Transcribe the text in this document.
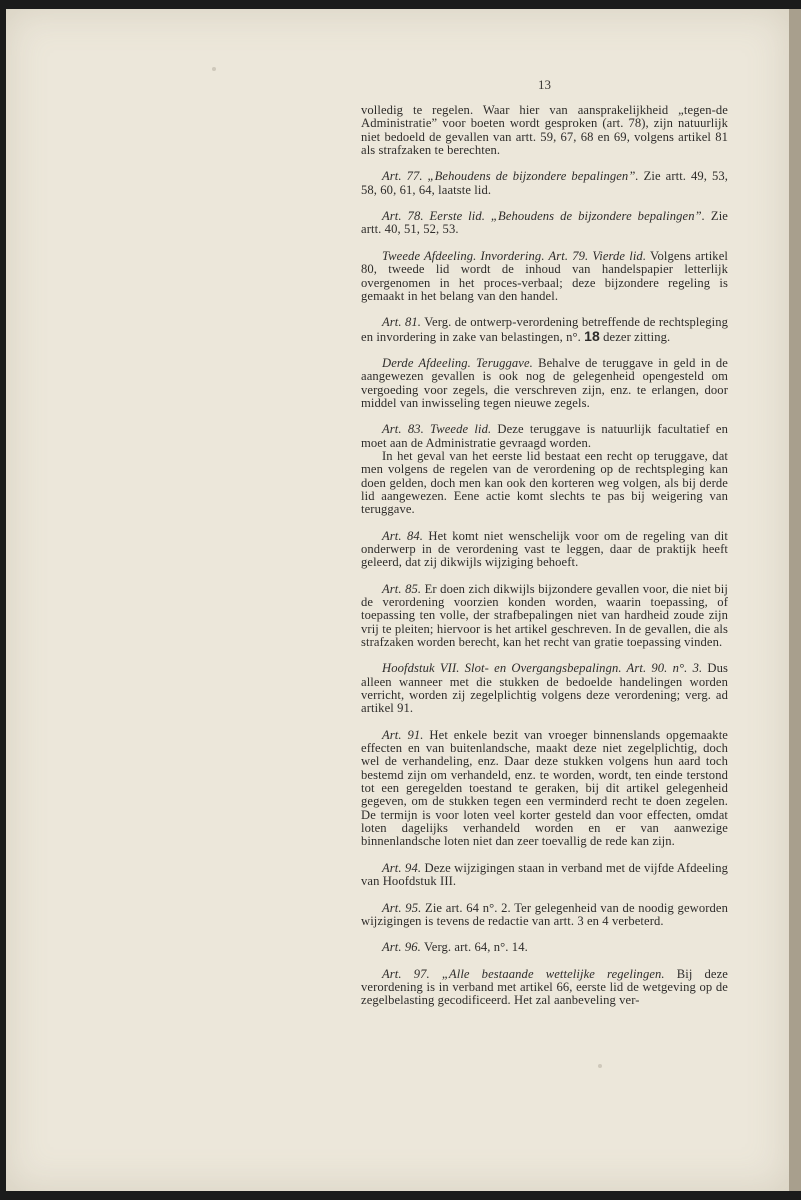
13

volledig te regelen. Waar hier van aansprakelijkheid „tegen-de Administratie” voor boeten wordt gesproken (art. 78), zijn natuurlijk niet bedoeld de gevallen van artt. 59, 67, 68 en 69, volgens artikel 81 als strafzaken te berechten.

Art. 77. „Behoudens de bijzondere bepalingen”. Zie artt. 49, 53, 58, 60, 61, 64, laatste lid.

Art. 78. Eerste lid. „Behoudens de bijzondere bepalingen”. Zie artt. 40, 51, 52, 53.

Tweede Afdeeling. Invordering. Art. 79. Vierde lid. Volgens artikel 80, tweede lid wordt de inhoud van handelspapier letterlijk overgenomen in het proces-verbaal; deze bijzondere regeling is gemaakt in het belang van den handel.

Art. 81. Verg. de ontwerp-verordening betreffende de rechtspleging en invordering in zake van belastingen, n°. 18 dezer zitting.

Derde Afdeeling. Teruggave. Behalve de teruggave in geld in de aangewezen gevallen is ook nog de gelegenheid opengesteld om vergoeding voor zegels, die verschreven zijn, enz. te erlangen, door middel van inwisseling tegen nieuwe zegels.

Art. 83. Tweede lid. Deze teruggave is natuurlijk facultatief en moet aan de Administratie gevraagd worden.

In het geval van het eerste lid bestaat een recht op teruggave, dat men volgens de regelen van de verordening op de rechtspleging kan doen gelden, doch men kan ook den korteren weg volgen, als bij derde lid aangewezen. Eene actie komt slechts te pas bij weigering van teruggave.

Art. 84. Het komt niet wenschelijk voor om de regeling van dit onderwerp in de verordening vast te leggen, daar de praktijk heeft geleerd, dat zij dikwijls wijziging behoeft.

Art. 85. Er doen zich dikwijls bijzondere gevallen voor, die niet bij de verordening voorzien konden worden, waarin toepassing, of toepassing ten volle, der strafbepalingen niet van hardheid zoude zijn vrij te pleiten; hiervoor is het artikel geschreven. In de gevallen, die als strafzaken worden berecht, kan het recht van gratie toepassing vinden.

Hoofdstuk VII. Slot- en Overgangsbepalingn. Art. 90. n°. 3. Dus alleen wanneer met die stukken de bedoelde handelingen worden verricht, worden zij zegelplichtig volgens deze verordening; verg. ad artikel 91.

Art. 91. Het enkele bezit van vroeger binnenslands opgemaakte effecten en van buitenlandsche, maakt deze niet zegelplichtig, doch wel de verhandeling, enz. Daar deze stukken volgens hun aard toch bestemd zijn om verhandeld, enz. te worden, wordt, ten einde terstond tot een geregelden toestand te geraken, bij dit artikel gelegenheid gegeven, om de stukken tegen een verminderd recht te doen zegelen. De termijn is voor loten veel korter gesteld dan voor effecten, omdat loten dagelijks verhandeld worden en er van aanwezige binnenlandsche loten niet dan zeer toevallig de rede kan zijn.

Art. 94. Deze wijzigingen staan in verband met de vijfde Afdeeling van Hoofdstuk III.

Art. 95. Zie art. 64 n°. 2. Ter gelegenheid van de noodig geworden wijzigingen is tevens de redactie van artt. 3 en 4 verbeterd.

Art. 96. Verg. art. 64, n°. 14.

Art. 97. „Alle bestaande wettelijke regelingen. Bij deze verordening is in verband met artikel 66, eerste lid de wetgeving op de zegelbelasting gecodificeerd. Het zal aanbeveling ver-
